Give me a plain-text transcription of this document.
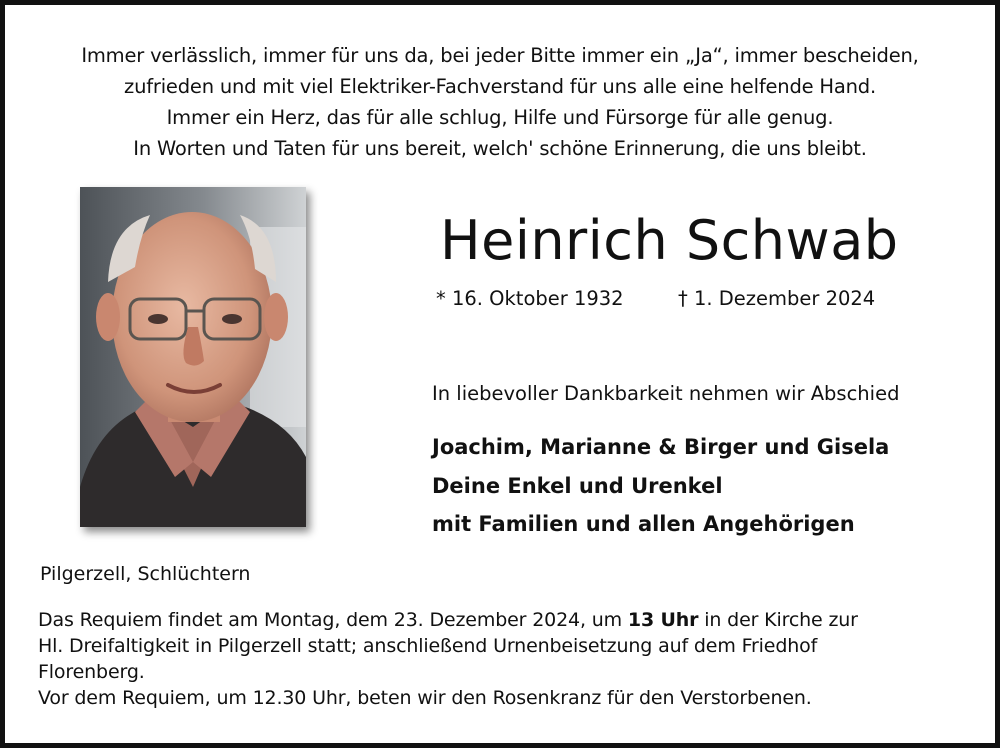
Immer verlässlich, immer für uns da, bei jeder Bitte immer ein „Ja“, immer bescheiden,
zufrieden und mit viel Elektriker-Fachverstand für uns alle eine helfende Hand.
Immer ein Herz, das für alle schlug, Hilfe und Fürsorge für alle genug.
In Worten und Taten für uns bereit, welch' schöne Erinnerung, die uns bleibt.
Heinrich Schwab
* 16. Oktober 1932	† 1. Dezember 2024
In liebevoller Dankbarkeit nehmen wir Abschied
Joachim, Marianne & Birger und Gisela
Deine Enkel und Urenkel
mit Familien und allen Angehörigen
Pilgerzell, Schlüchtern
Das Requiem findet am Montag, dem 23. Dezember 2024, um 13 Uhr in der Kirche zur
Hl. Dreifaltigkeit in Pilgerzell statt; anschließend Urnenbeisetzung auf dem Friedhof
Florenberg.
Vor dem Requiem, um 12.30 Uhr, beten wir den Rosenkranz für den Verstorbenen.
